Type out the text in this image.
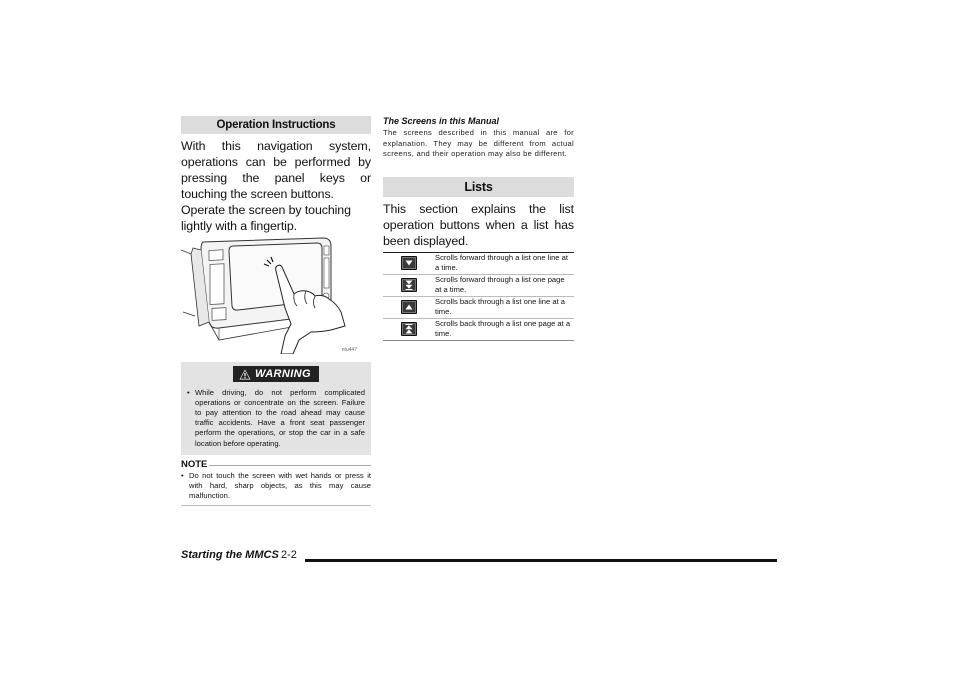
Operation Instructions

With this navigation system, operations can be performed by pressing the panel keys or touching the screen buttons.

Operate the screen by touching lightly with a fingertip.

ntu447
WARNING

• While driving, do not perform complicated operations or concentrate on the screen. Failure to pay attention to the road ahead may cause traffic accidents. Have a front seat passenger perform the operations, or stop the car in a safe location before operating.

NOTE

• Do not touch the screen with wet hands or press it with hard, sharp objects, as this may cause malfunction.

The Screens in this Manual

The screens described in this manual are for explanation. They may be different from actual screens, and their operation may also be different.

Lists

This section explains the list operation buttons when a list has been displayed.

Scrolls forward through a list one line at a time.
Scrolls forward through a list one page at a time.
Scrolls back through a list one line at a time.
Scrolls back through a list one page at a time.
Starting the MMCS 2-2
